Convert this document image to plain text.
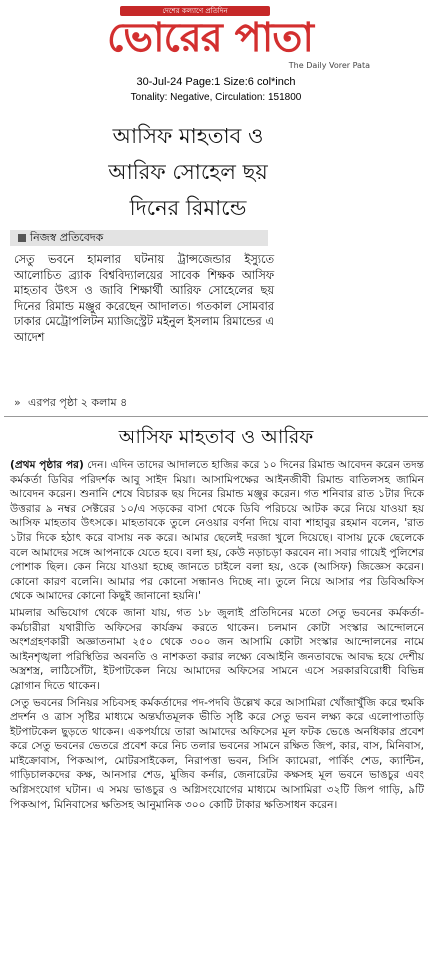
দেশের কল্যাণে প্রতিদিন
ভোরের পাতা
The Daily Vorer Pata
30-Jul-24 Page:1 Size:6 col*inch
Tonality: Negative, Circulation: 151800
আসিফ মাহতাব ও
আরিফ সোহেল ছয়
দিনের রিমান্ডে
নিজস্ব প্রতিবেদক
সেতু ভবনে হামলার ঘটনায় ট্রান্সজেন্ডার ইস্যুতে আলোচিত ব্র্যাক বিশ্ববিদ্যালয়ের সাবেক শিক্ষক আসিফ মাহতাব উৎস ও জাবি শিক্ষার্থী আরিফ সোহেলের ছয় দিনের রিমান্ড মঞ্জুর করেছেন আদালত। গতকাল সোমবার ঢাকার মেট্রোপলিটন ম্যাজিস্ট্রেট মইনুল ইসলাম রিমান্ডের এ আদেশ
» এরপর পৃষ্ঠা ২ কলাম ৪
আসিফ মাহতাব ও আরিফ

(প্রথম পৃষ্ঠার পর) দেন। এদিন তাদের আদালতে হাজির করে ১০ দিনের রিমান্ড আবেদন করেন তদন্ত কর্মকর্তা ডিবির পরিদর্শক আবু সাইদ মিয়া। আসামিপক্ষের আইনজীবী রিমান্ড বাতিলসহ জামিন আবেদন করেন। শুনানি শেষে বিচারক ছয় দিনের রিমান্ড মঞ্জুর করেন। গত শনিবার রাত ১টার দিকে উত্তরার ৯ নম্বর সেক্টরের ১০/এ সড়কের বাসা থেকে ডিবি পরিচয়ে আটক করে নিয়ে যাওয়া হয় আসিফ মাহতাব উৎসকে। মাহতাবকে তুলে নেওয়ার বর্ণনা দিয়ে বাবা শাহাবুর রহমান বলেন, 'রাত ১টার দিকে হঠাৎ করে বাসায় নক করে। আমার ছেলেই দরজা খুলে দিয়েছে। বাসায় ঢুকে ছেলেকে বলে আমাদের সঙ্গে আপনাকে যেতে হবে। বলা হয়, কেউ নড়াচড়া করবেন না। সবার গায়েই পুলিশের পোশাক ছিল। কেন নিয়ে যাওয়া হচ্ছে জানতে চাইলে বলা হয়, ওকে (আসিফ) জিজ্ঞেস করেন। কোনো কারণ বলেনি। আমার পর কোনো সন্ধানও দিচ্ছে না। তুলে নিয়ে আসার পর ডিবিঅফিস থেকে আমাদের কোনো কিছুই জানানো হয়নি।'

মামলার অভিযোগ থেকে জানা যায়, গত ১৮ জুলাই প্রতিদিনের মতো সেতু ভবনের কর্মকর্তা-কর্মচারীরা যথারীতি অফিসের কার্যক্রম করতে থাকেন। চলমান কোটা সংস্কার আন্দোলনে অংশগ্রহণকারী অজ্ঞাতনামা ২৫০ থেকে ৩০০ জন আসামি কোটা সংস্কার আন্দোলনের নামে আইনশৃঙ্খলা পরিস্থিতির অবনতি ও নাশকতা করার লক্ষ্যে বেআইনি জনতাবদ্ধে আবদ্ধ হয়ে দেশীয় অস্ত্রশস্ত্র, লাঠিসোঁটা, ইটপাটকেল নিয়ে আমাদের অফিসের সামনে এসে সরকারবিরোধী বিভিন্ন স্লোগান দিতে থাকেন।

সেতু ভবনের সিনিয়র সচিবসহ কর্মকর্তাদের পদ-পদবি উল্লেখ করে আসামিরা খোঁজাখুঁজি করে হুমকি প্রদর্শন ও ত্রাস সৃষ্টির মাধ্যমে অন্তর্ঘাতমূলক ভীতি সৃষ্টি করে সেতু ভবন লক্ষ্য করে এলোপাতাড়ি ইটপাটকেল ছুড়তে থাকেন। একপর্যায়ে তারা আমাদের অফিসের মূল ফটক ভেঙে অনধিকার প্রবেশ করে সেতু ভবনের ভেতরে প্রবেশ করে নিচ তলার ভবনের সামনে রক্ষিত জিপ, কার, বাস, মিনিবাস, মাইক্রোবাস, পিকআপ, মোটরসাইকেল, নিরাপত্তা ভবন, সিসি ক্যামেরা, পার্কিং শেড, ক্যান্টিন, গাড়িচালকদের কক্ষ, আনসার শেড, মুজিব কর্নার, জেনারেটর কক্ষসহ মূল ভবনে ভাঙচুর এবং অগ্নিসংযোগ ঘটান। এ সময় ভাঙচুর ও অগ্নিসংযোগের মাধ্যমে আসামিরা ৩২টি জিপ গাড়ি, ৯টি পিকআপ, মিনিবাসের ক্ষতিসহ আনুমানিক ৩০০ কোটি টাকার ক্ষতিসাধন করেন।
